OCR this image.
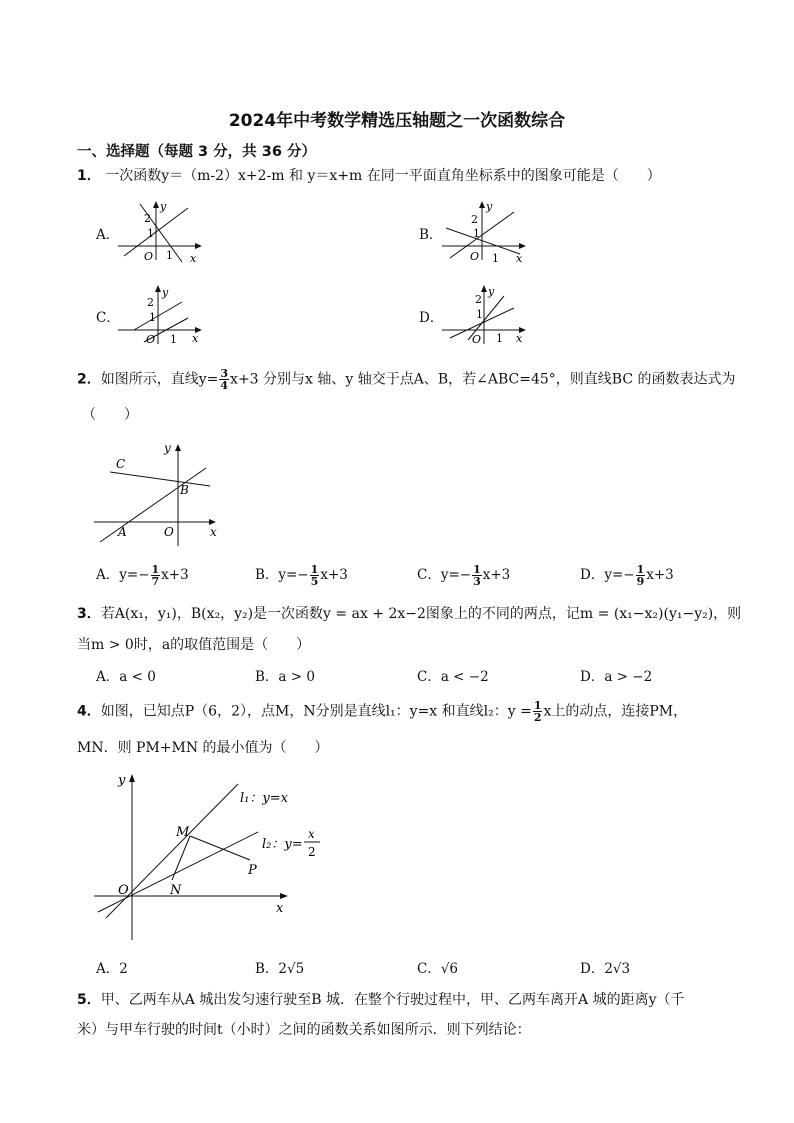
2024年中考数学精选压轴题之一次函数综合
一、选择题（每题 3 分，共 36 分）
1． 一次函数y＝（m-2）x+2-m 和 y＝x+m 在同一平面直角坐标系中的图象可能是（　　）
A．	B．
C．	D．
y
2
1
O 1 x
y
2
1
O 1 x
y
2
1
O 1 x
y
2
1
O 1 x
2．如图所示，直线$y= \frac{3}{4} x+3$ 分别与x 轴、y 轴交于点A、B，若∠ABC=45°，则直线BC 的函数表达式为
（　　）
C
B
A	O	x
y
A．$y=- \frac{1}{7} x+3$	B．$y=- \frac{1}{5} x+3$	C．$y=- \frac{1}{3} x+3$	D．$y=- \frac{1}{9} x+3$
3．若A(x₁，y₁)，B(x₂，y₂)是一次函数y = ax + 2x−2图象上的不同的两点，记m = (x₁−x₂)(y₁−y₂)，则
当m > 0时，a的取值范围是（　　）
A．a < 0	B．a > 0	C．a < −2	D．a > −2
4．如图，已知点P（6，2），点M，N分别是直线l₁：y=x 和直线l₂：$y = \frac{1}{2}$ x上的动点，连接PM，
MN．则 PM+MN 的最小值为（　　）
y
x
O
M
N
P
l₁：y=x
l₂：y=
x
2
A．2	B．2√5	C．√6	D．2√3
5．甲、乙两车从A 城出发匀速行驶至B 城．在整个行驶过程中，甲、乙两车离开A 城的距离y（千
米）与甲车行驶的时间t（小时）之间的函数关系如图所示．则下列结论：
